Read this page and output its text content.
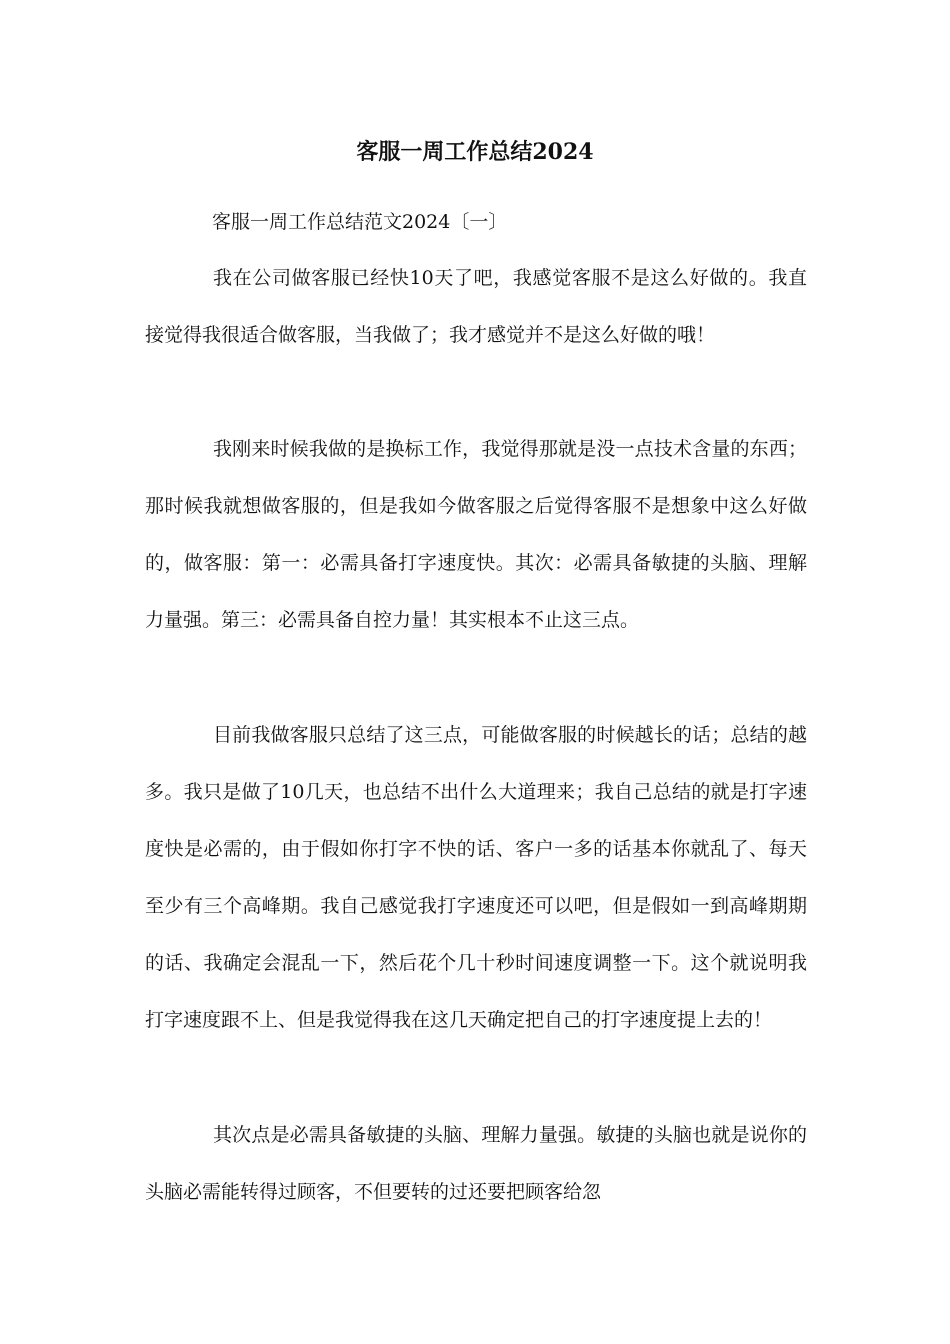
客服一周工作总结2024
客服一周工作总结范文2024〔一〕

我在公司做客服已经快10天了吧，我感觉客服不是这么好做的。我直接觉得我很适合做客服，当我做了；我才感觉并不是这么好做的哦！

我刚来时候我做的是换标工作，我觉得那就是没一点技术含量的东西；那时候我就想做客服的，但是我如今做客服之后觉得客服不是想象中这么好做的，做客服：第一：必需具备打字速度快。其次：必需具备敏捷的头脑、理解力量强。第三：必需具备自控力量！其实根本不止这三点。

目前我做客服只总结了这三点，可能做客服的时候越长的话；总结的越多。我只是做了10几天，也总结不出什么大道理来；我自己总结的就是打字速度快是必需的，由于假如你打字不快的话、客户一多的话基本你就乱了、每天至少有三个高峰期。我自己感觉我打字速度还可以吧，但是假如一到高峰期期的话、我确定会混乱一下，然后花个几十秒时间速度调整一下。这个就说明我打字速度跟不上、但是我觉得我在这几天确定把自己的打字速度提上去的！

其次点是必需具备敏捷的头脑、理解力量强。敏捷的头脑也就是说你的头脑必需能转得过顾客，不但要转的过还要把顾客给忽
